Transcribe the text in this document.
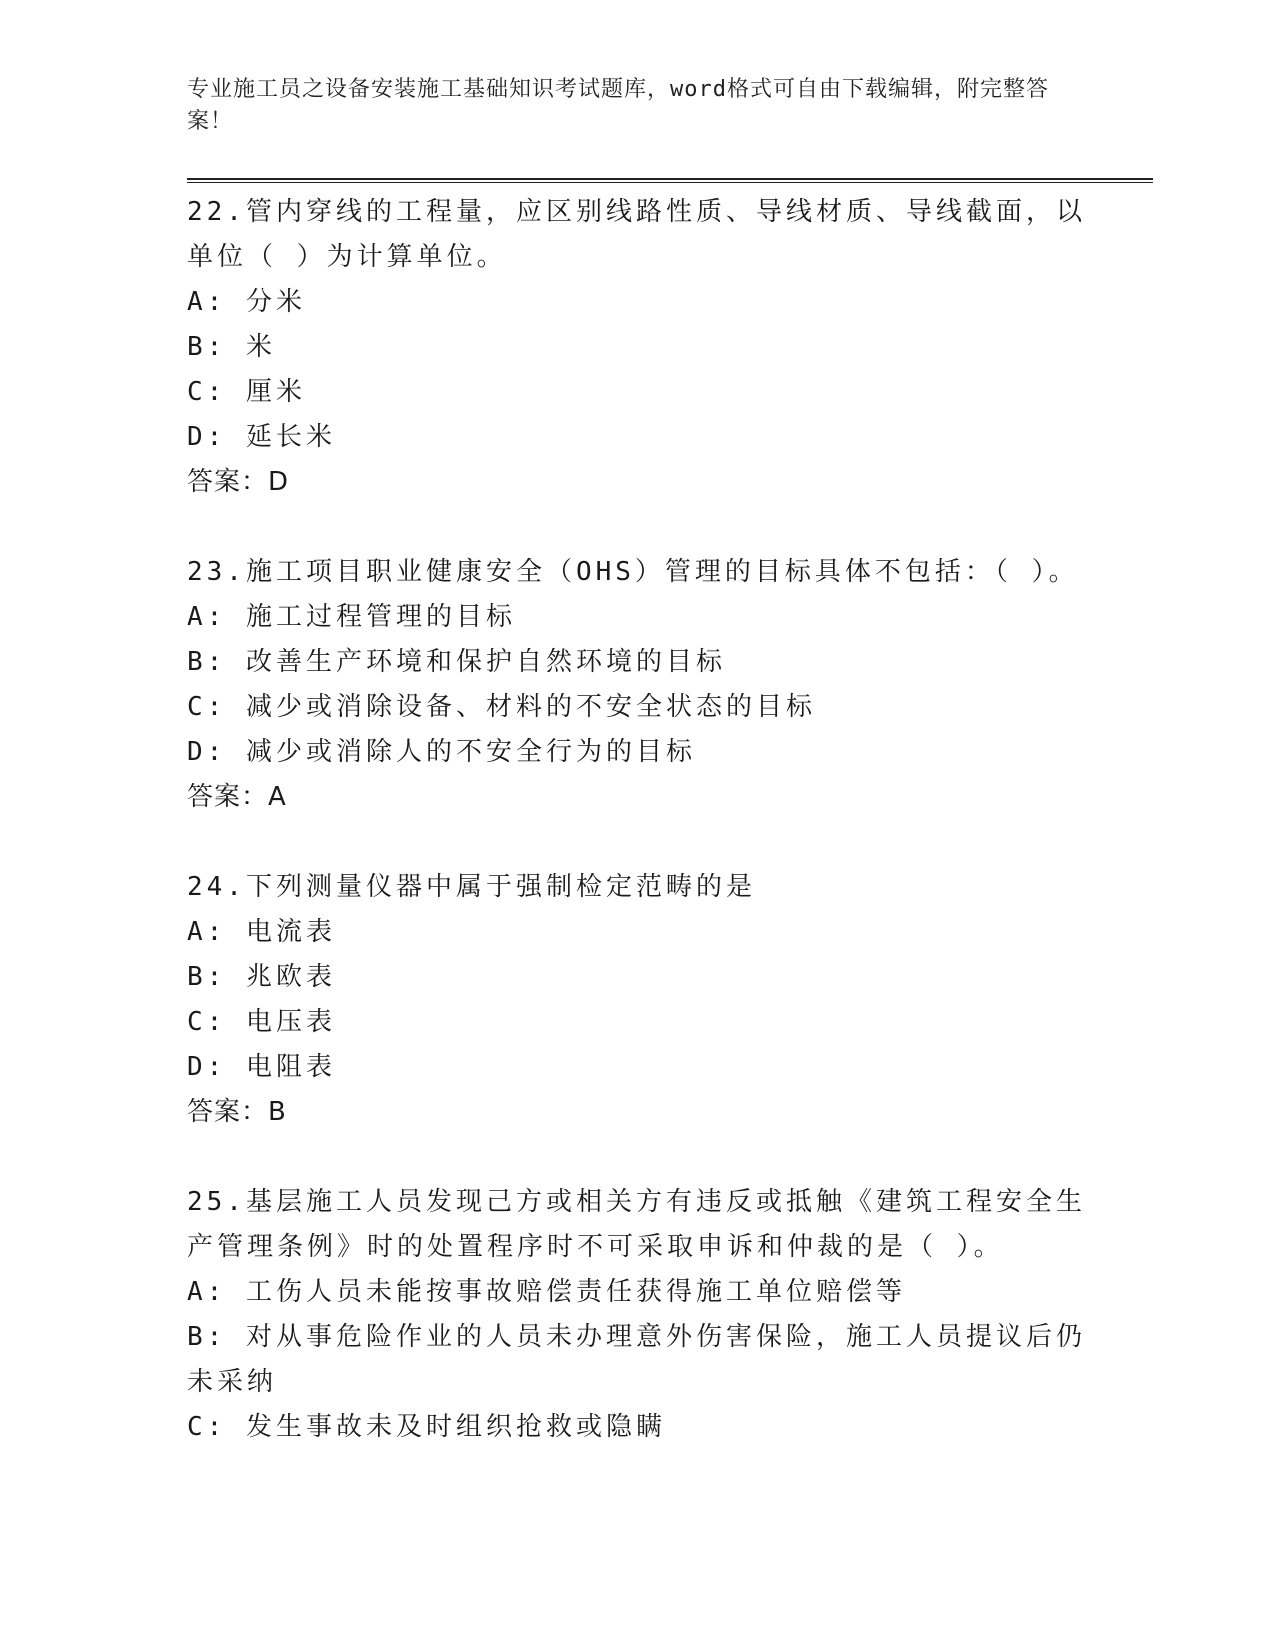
专业施工员之设备安装施工基础知识考试题库，word格式可自由下载编辑，附完整答案！
22.管内穿线的工程量，应区别线路性质、导线材质、导线截面，以单位（ ）为计算单位。
A: 分米
B: 米
C: 厘米
D: 延长米
答案：D
23.施工项目职业健康安全（OHS）管理的目标具体不包括：（ ）。
A: 施工过程管理的目标
B: 改善生产环境和保护自然环境的目标
C: 减少或消除设备、材料的不安全状态的目标
D: 减少或消除人的不安全行为的目标
答案：A
24.下列测量仪器中属于强制检定范畴的是
A: 电流表
B: 兆欧表
C: 电压表
D: 电阻表
答案：B
25.基层施工人员发现己方或相关方有违反或抵触《建筑工程安全生产管理条例》时的处置程序时不可采取申诉和仲裁的是（ ）。
A: 工伤人员未能按事故赔偿责任获得施工单位赔偿等
B: 对从事危险作业的人员未办理意外伤害保险，施工人员提议后仍未采纳
C: 发生事故未及时组织抢救或隐瞒
